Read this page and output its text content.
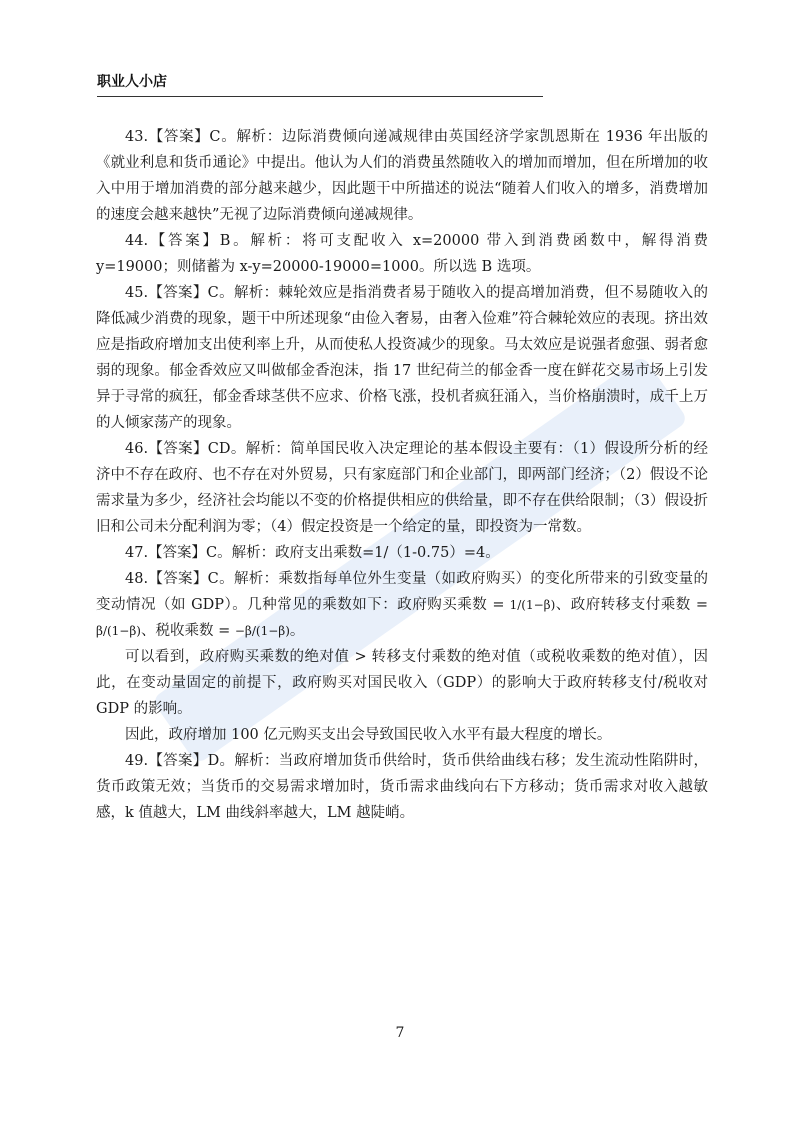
职业人小店

43.【答案】C。解析：边际消费倾向递减规律由英国经济学家凯恩斯在 1936 年出版的《就业利息和货币通论》中提出。他认为人们的消费虽然随收入的增加而增加，但在所增加的收入中用于增加消费的部分越来越少，因此题干中所描述的说法“随着人们收入的增多，消费增加的速度会越来越快”无视了边际消费倾向递减规律。

44.【答案】B。解析：将可支配收入 x=20000 带入到消费函数中，解得消费 y=19000；则储蓄为 x-y=20000-19000=1000。所以选 B 选项。

45.【答案】C。解析：棘轮效应是指消费者易于随收入的提高增加消费，但不易随收入的降低减少消费的现象，题干中所述现象“由俭入奢易，由奢入俭难”符合棘轮效应的表现。挤出效应是指政府增加支出使利率上升，从而使私人投资减少的现象。马太效应是说强者愈强、弱者愈弱的现象。郁金香效应又叫做郁金香泡沫，指 17 世纪荷兰的郁金香一度在鲜花交易市场上引发异于寻常的疯狂，郁金香球茎供不应求、价格飞涨，投机者疯狂涌入，当价格崩溃时，成千上万的人倾家荡产的现象。

46.【答案】CD。解析：简单国民收入决定理论的基本假设主要有：（1）假设所分析的经济中不存在政府、也不存在对外贸易，只有家庭部门和企业部门，即两部门经济；（2）假设不论需求量为多少，经济社会均能以不变的价格提供相应的供给量，即不存在供给限制；（3）假设折旧和公司未分配利润为零；（4）假定投资是一个给定的量，即投资为一常数。

47.【答案】C。解析：政府支出乘数=1/（1-0.75）=4。

48.【答案】C。解析：乘数指每单位外生变量（如政府购买）的变化所带来的引致变量的变动情况（如 GDP）。几种常见的乘数如下：政府购买乘数 = 1/(1−β)、政府转移支付乘数 = β/(1−β)、税收乘数 = −β/(1−β)。

可以看到，政府购买乘数的绝对值 > 转移支付乘数的绝对值（或税收乘数的绝对值），因此，在变动量固定的前提下，政府购买对国民收入（GDP）的影响大于政府转移支付/税收对 GDP 的影响。

因此，政府增加 100 亿元购买支出会导致国民收入水平有最大程度的增长。

49.【答案】D。解析：当政府增加货币供给时，货币供给曲线右移；发生流动性陷阱时，货币政策无效；当货币的交易需求增加时，货币需求曲线向右下方移动；货币需求对收入越敏感，k 值越大，LM 曲线斜率越大，LM 越陡峭。

7
